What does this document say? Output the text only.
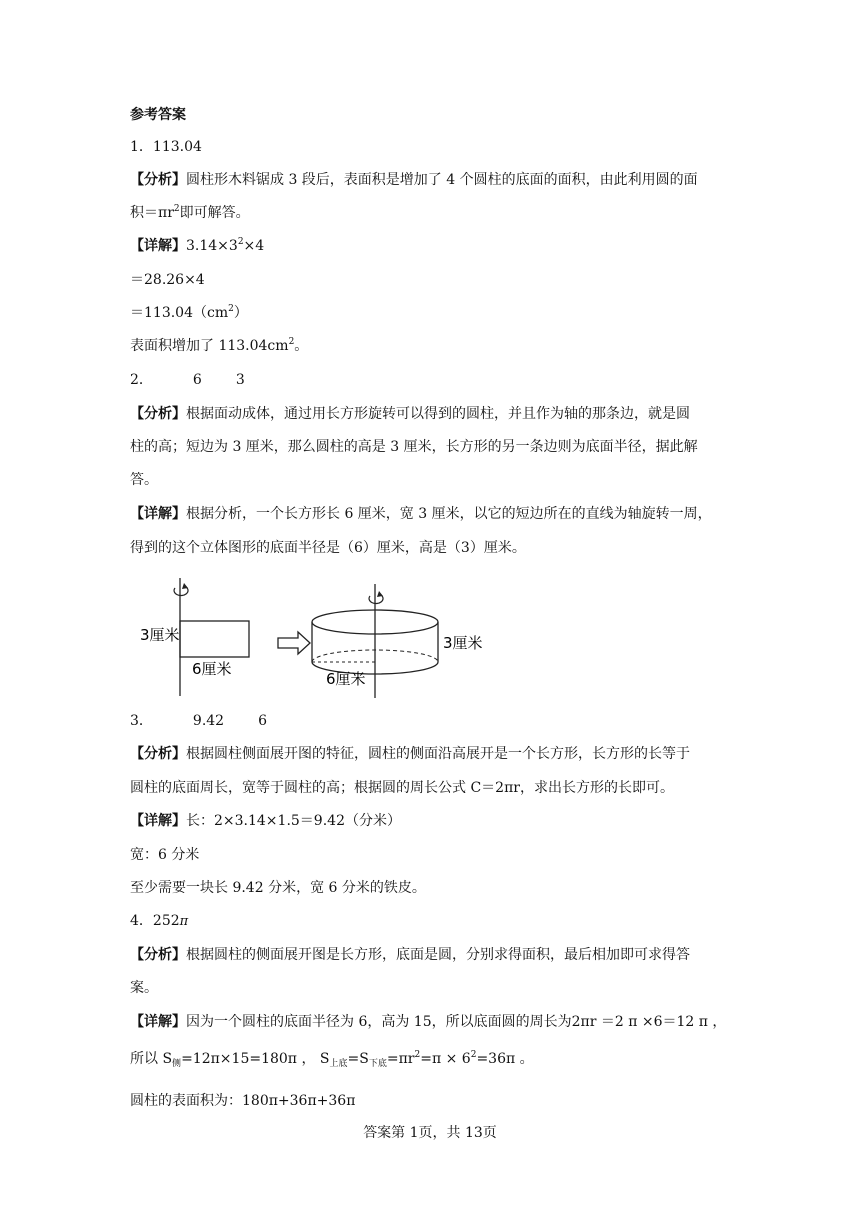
参考答案
1．113.04
【分析】圆柱形木料锯成 3 段后，表面积是增加了 4 个圆柱的底面的面积，由此利用圆的面
积$=\pi r^2$即可解答。
【详解】$3.14\times 3^2\times 4$
＝28.26×4
$=113.04(cm^2)$
表面积增加了 $113.04cm^2$。
2．	6 3
【分析】根据面动成体，通过用长方形旋转可以得到的圆柱，并且作为轴的那条边，就是圆
柱的高；短边为 3 厘米，那么圆柱的高是 3 厘米，长方形的另一条边则为底面半径，据此解
答。
【详解】根据分析，一个长方形长 6 厘米，宽 3 厘米，以它的短边所在的直线为轴旋转一周，
得到的这个立体图形的底面半径是（6）厘米，高是（3）厘米。
3厘米
6厘米
3厘米
6厘米
3．	9.42 6
【分析】根据圆柱侧面展开图的特征，圆柱的侧面沿高展开是一个长方形，长方形的长等于
圆柱的底面周长，宽等于圆柱的高；根据圆的周长公式 C＝2πr，求出长方形的长即可。
【详解】长：2×3.14×1.5＝9.42（分米）
宽：6 分米
至少需要一块长 9.42 分米，宽 6 分米的铁皮。
4．252π
【分析】根据圆柱的侧面展开图是长方形，底面是圆，分别求得面积，最后相加即可求得答
案。
【详解】因为一个圆柱的底面半径为 6，高为 15，所以底面圆的周长为2πr ＝2 π ×6＝12 π ，
所以 $S_侧=12\pi\times 15=180\pi$ ， $S_{上底}=S_{下底}=\pi r^2=\pi \times 6^2=36\pi$ 。
圆柱的表面积为：180π+36π+36π
答案第 1页，共 13页
